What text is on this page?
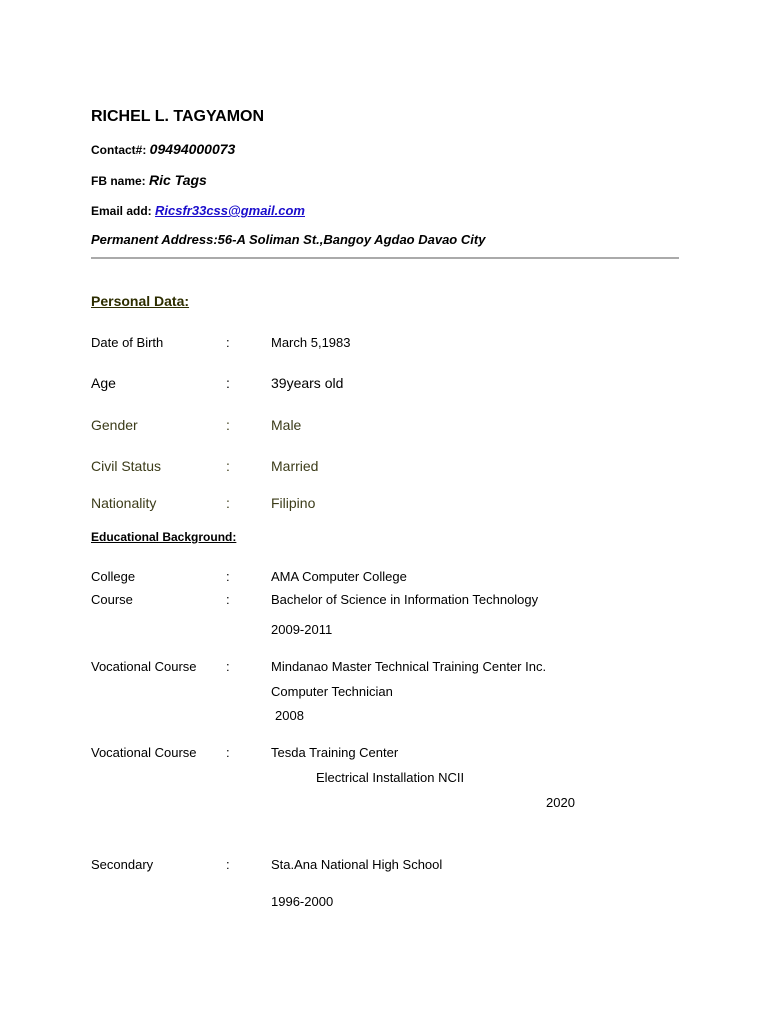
RICHEL L. TAGYAMON
Contact#: 09494000073
FB name: Ric Tags
Email add: Ricsfr33css@gmail.com
Permanent Address:56-A Soliman St.,Bangoy Agdao Davao City
Personal Data:
Date of Birth	:	March 5,1983
Age	:	39years old
Gender	:	Male
Civil Status	:	Married
Nationality	:	Filipino
Educational Background:
College	:	AMA Computer College
Course	:	Bachelor of Science in Information Technology
2009-2011
Vocational Course :	Mindanao Master Technical Training Center Inc.
Computer Technician
2008
Vocational Course :	Tesda Training Center
Electrical Installation NCII
2020
Secondary	:	Sta.Ana National High School
1996-2000
